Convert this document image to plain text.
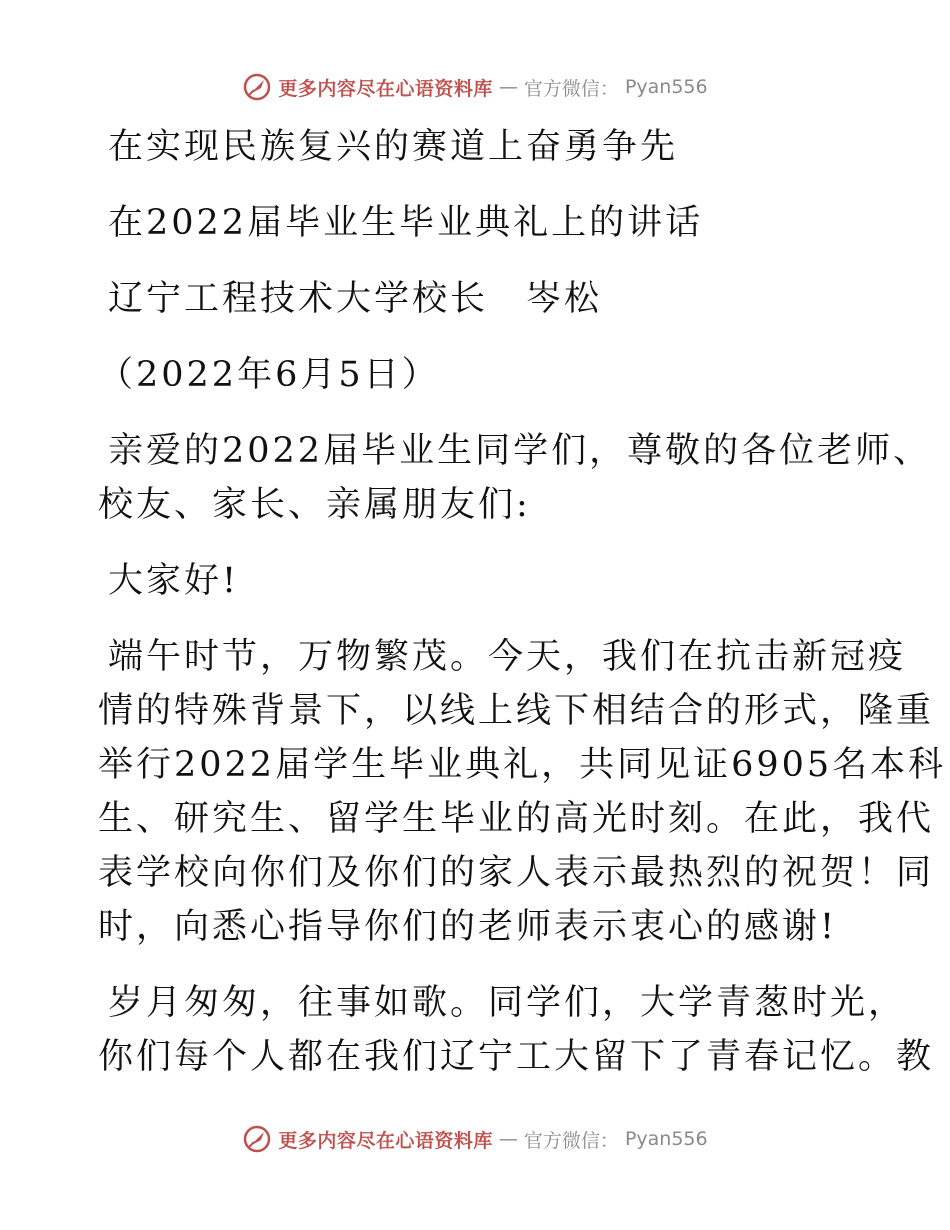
更多内容尽在心语资料库 — 官方微信： Pyan556

在实现民族复兴的赛道上奋勇争先

在2022届毕业生毕业典礼上的讲话

辽宁工程技术大学校长　岑松

（2022年6月5日）

亲爱的2022届毕业生同学们，尊敬的各位老师、
校友、家长、亲属朋友们:
大家好!
端午时节，万物繁茂。今天，我们在抗击新冠疫
情的特殊背景下，以线上线下相结合的形式，隆重
举行2022届学生毕业典礼，共同见证6905名本科
生、研究生、留学生毕业的高光时刻。在此，我代
表学校向你们及你们的家人表示最热烈的祝贺！同
时，向悉心指导你们的老师表示衷心的感谢!
岁月匆匆，往事如歌。同学们，大学青葱时光，
你们每个人都在我们辽宁工大留下了青春记忆。教
更多内容尽在心语资料库 — 官方微信： Pyan556
